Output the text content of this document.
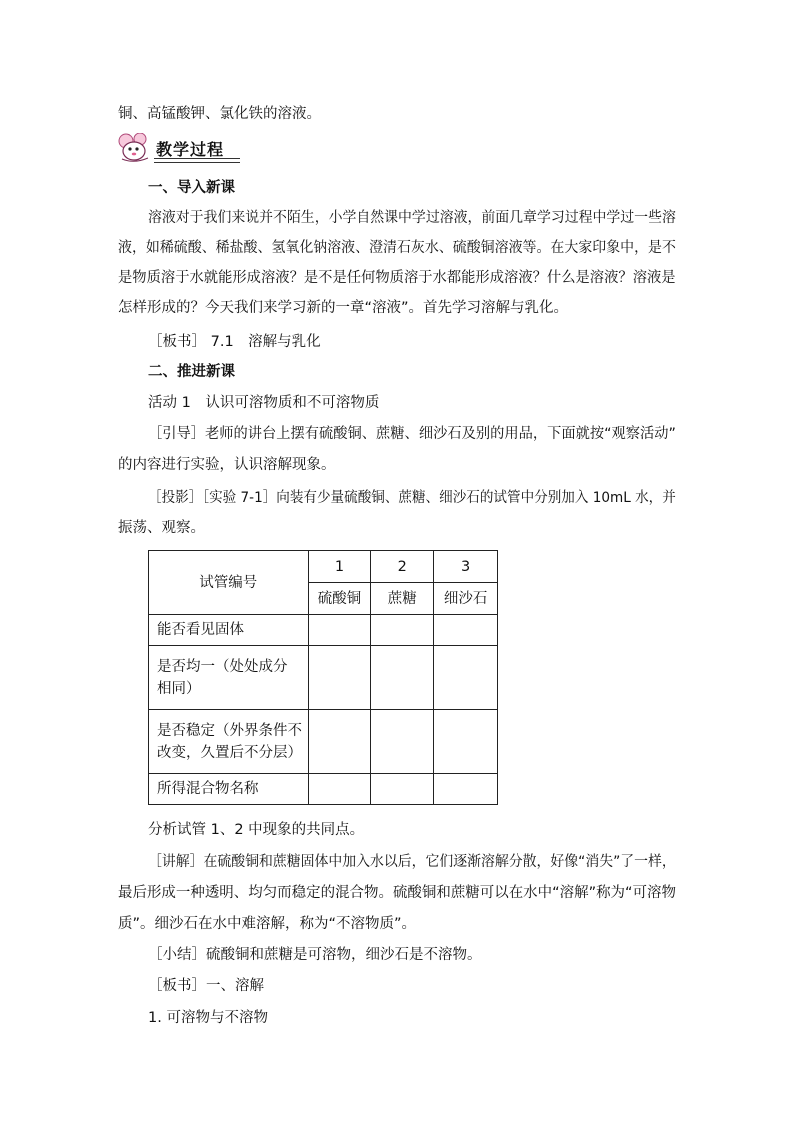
铜、高锰酸钾、氯化铁的溶液。
教学过程
一、导入新课
溶液对于我们来说并不陌生，小学自然课中学过溶液，前面几章学习过程中学过一些溶
液，如稀硫酸、稀盐酸、氢氧化钠溶液、澄清石灰水、硫酸铜溶液等。在大家印象中，是不
是物质溶于水就能形成溶液？是不是任何物质溶于水都能形成溶液？什么是溶液？溶液是
怎样形成的？今天我们来学习新的一章“溶液”。首先学习溶解与乳化。
［板书］ 7.1　溶解与乳化
二、推进新课
活动 1　认识可溶物质和不可溶物质
［引导］老师的讲台上摆有硫酸铜、蔗糖、细沙石及别的用品，下面就按“观察活动”
的内容进行实验，认识溶解现象。
［投影］［实验 7-1］向装有少量硫酸铜、蔗糖、细沙石的试管中分别加入 10mL 水，并
振荡、观察。
试管编号	1	2	3
	硫酸铜	蔗糖	细沙石
能否看见固体			

是否均一（处处成分
相同）			

是否稳定（外界条件不
改变，久置后不分层）			

所得混合物名称			
分析试管 1、2 中现象的共同点。
［讲解］在硫酸铜和蔗糖固体中加入水以后，它们逐渐溶解分散，好像“消失”了一样，
最后形成一种透明、均匀而稳定的混合物。硫酸铜和蔗糖可以在水中“溶解”称为“可溶物
质”。细沙石在水中难溶解，称为“不溶物质”。
［小结］硫酸铜和蔗糖是可溶物，细沙石是不溶物。
［板书］一、溶解
1. 可溶物与不溶物
